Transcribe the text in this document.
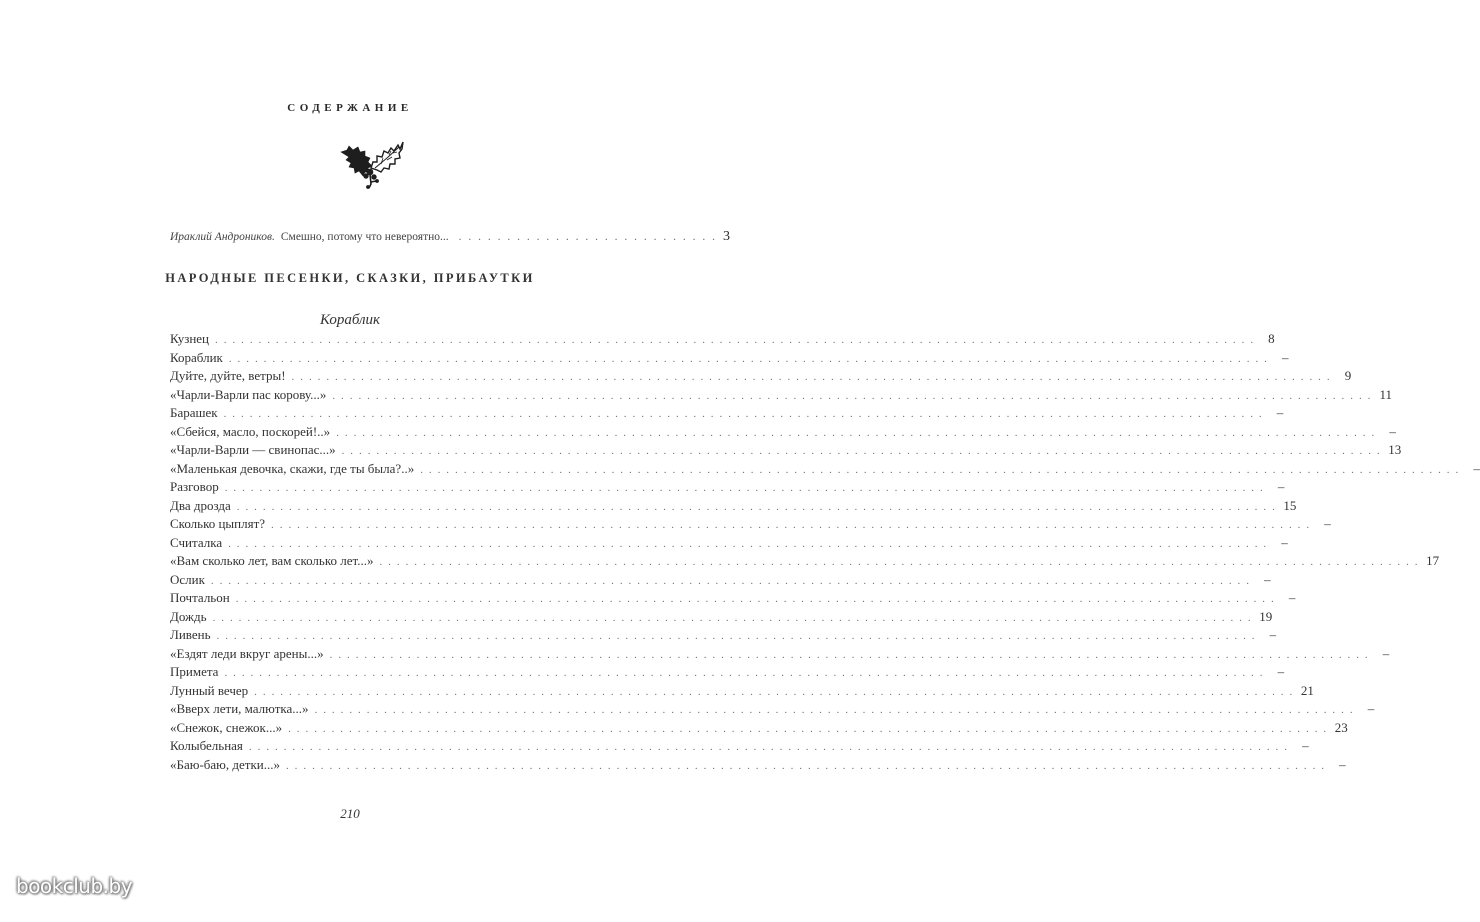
СОДЕРЖАНИЕ
Ираклий Андроников. Смешно, потому что невероятно... . . . . . . . . . . . . . . . . . . . . . . . . . . . 3
НАРОДНЫЕ ПЕСЕНКИ, СКАЗКИ, ПРИБАУТКИ
Кораблик
Кузнец . . . . . . . . . . . . . . . . . . . . . . . . . . . . . . . . . . . . . . . . . . . . . . . . . . . . . . . . . . . . . . . . . . . . . . . . . . . . . . . . . . . . . . . . . . . . . . . . . . . . . . . . . . . . . . . . . . . . . . . .	8
Кораблик . . . . . . . . . . . . . . . . . . . . . . . . . . . . . . . . . . . . . . . . . . . . . . . . . . . . . . . . . . . . . . . . . . . . . . . . . . . . . . . . . . . . . . . . . . . . . . . . . . . . . . . . . . . . . . . . . . . . . . . .	–
Дуйте, дуйте, ветры! . . . . . . . . . . . . . . . . . . . . . . . . . . . . . . . . . . . . . . . . . . . . . . . . . . . . . . . . . . . . . . . . . . . . . . . . . . . . . . . . . . . . . . . . . . . . . . . . . . . . . . . . . . . . . . . . . . . . . . . .	9
«Чарли-Варли пас корову...» . . . . . . . . . . . . . . . . . . . . . . . . . . . . . . . . . . . . . . . . . . . . . . . . . . . . . . . . . . . . . . . . . . . . . . . . . . . . . . . . . . . . . . . . . . . . . . . . . . . . . . . . . . . . . . . . . . . . . . . . 11
Барашек . . . . . . . . . . . . . . . . . . . . . . . . . . . . . . . . . . . . . . . . . . . . . . . . . . . . . . . . . . . . . . . . . . . . . . . . . . . . . . . . . . . . . . . . . . . . . . . . . . . . . . . . . . . . . . . . . . . . . . . .	–
«Сбейся, масло, поскорей!..» . . . . . . . . . . . . . . . . . . . . . . . . . . . . . . . . . . . . . . . . . . . . . . . . . . . . . . . . . . . . . . . . . . . . . . . . . . . . . . . . . . . . . . . . . . . . . . . . . . . . . . . . . . . . . . . . . . . . . . . .	–
«Чарли-Варли — свинопас...» . . . . . . . . . . . . . . . . . . . . . . . . . . . . . . . . . . . . . . . . . . . . . . . . . . . . . . . . . . . . . . . . . . . . . . . . . . . . . . . . . . . . . . . . . . . . . . . . . . . . . . . . . . . . . . . . . . . . . . . . 13
«Маленькая девочка, скажи, где ты была?..» . . . . . . . . . . . . . . . . . . . . . . . . . . . . . . . . . . . . . . . . . . . . . . . . . . . . . . . . . . . . . . . . . . . . . . . . . . . . . . . . . . . . . . . . . . . . . . . . . . . . . . . . . . . . . . . . . . . . . . . .	–
Разговор . . . . . . . . . . . . . . . . . . . . . . . . . . . . . . . . . . . . . . . . . . . . . . . . . . . . . . . . . . . . . . . . . . . . . . . . . . . . . . . . . . . . . . . . . . . . . . . . . . . . . . . . . . . . . . . . . . . . . . . .	–
Два дрозда . . . . . . . . . . . . . . . . . . . . . . . . . . . . . . . . . . . . . . . . . . . . . . . . . . . . . . . . . . . . . . . . . . . . . . . . . . . . . . . . . . . . . . . . . . . . . . . . . . . . . . . . . . . . . . . . . . . . . . . . 15
Сколько цыплят? . . . . . . . . . . . . . . . . . . . . . . . . . . . . . . . . . . . . . . . . . . . . . . . . . . . . . . . . . . . . . . . . . . . . . . . . . . . . . . . . . . . . . . . . . . . . . . . . . . . . . . . . . . . . . . . . . . . . . . . .	–
Считалка . . . . . . . . . . . . . . . . . . . . . . . . . . . . . . . . . . . . . . . . . . . . . . . . . . . . . . . . . . . . . . . . . . . . . . . . . . . . . . . . . . . . . . . . . . . . . . . . . . . . . . . . . . . . . . . . . . . . . . . .	–
«Вам сколько лет, вам сколько лет...» . . . . . . . . . . . . . . . . . . . . . . . . . . . . . . . . . . . . . . . . . . . . . . . . . . . . . . . . . . . . . . . . . . . . . . . . . . . . . . . . . . . . . . . . . . . . . . . . . . . . . . . . . . . . . . . . . . . . . . . . 17
Ослик . . . . . . . . . . . . . . . . . . . . . . . . . . . . . . . . . . . . . . . . . . . . . . . . . . . . . . . . . . . . . . . . . . . . . . . . . . . . . . . . . . . . . . . . . . . . . . . . . . . . . . . . . . . . . . . . . . . . . . . .	–
Почтальон . . . . . . . . . . . . . . . . . . . . . . . . . . . . . . . . . . . . . . . . . . . . . . . . . . . . . . . . . . . . . . . . . . . . . . . . . . . . . . . . . . . . . . . . . . . . . . . . . . . . . . . . . . . . . . . . . . . . . . . .	–
Дождь . . . . . . . . . . . . . . . . . . . . . . . . . . . . . . . . . . . . . . . . . . . . . . . . . . . . . . . . . . . . . . . . . . . . . . . . . . . . . . . . . . . . . . . . . . . . . . . . . . . . . . . . . . . . . . . . . . . . . . . . 19
Ливень . . . . . . . . . . . . . . . . . . . . . . . . . . . . . . . . . . . . . . . . . . . . . . . . . . . . . . . . . . . . . . . . . . . . . . . . . . . . . . . . . . . . . . . . . . . . . . . . . . . . . . . . . . . . . . . . . . . . . . . .	–
«Ездят леди вкруг арены...» . . . . . . . . . . . . . . . . . . . . . . . . . . . . . . . . . . . . . . . . . . . . . . . . . . . . . . . . . . . . . . . . . . . . . . . . . . . . . . . . . . . . . . . . . . . . . . . . . . . . . . . . . . . . . . . . . . . . . . . .	–
Примета . . . . . . . . . . . . . . . . . . . . . . . . . . . . . . . . . . . . . . . . . . . . . . . . . . . . . . . . . . . . . . . . . . . . . . . . . . . . . . . . . . . . . . . . . . . . . . . . . . . . . . . . . . . . . . . . . . . . . . . .	–
Лунный вечер . . . . . . . . . . . . . . . . . . . . . . . . . . . . . . . . . . . . . . . . . . . . . . . . . . . . . . . . . . . . . . . . . . . . . . . . . . . . . . . . . . . . . . . . . . . . . . . . . . . . . . . . . . . . . . . . . . . . . . . . 21
«Вверх лети, малютка...» . . . . . . . . . . . . . . . . . . . . . . . . . . . . . . . . . . . . . . . . . . . . . . . . . . . . . . . . . . . . . . . . . . . . . . . . . . . . . . . . . . . . . . . . . . . . . . . . . . . . . . . . . . . . . . . . . . . . . . . .	–
«Снежок, снежок...» . . . . . . . . . . . . . . . . . . . . . . . . . . . . . . . . . . . . . . . . . . . . . . . . . . . . . . . . . . . . . . . . . . . . . . . . . . . . . . . . . . . . . . . . . . . . . . . . . . . . . . . . . . . . . . . . . . . . . . . . 23
Колыбельная . . . . . . . . . . . . . . . . . . . . . . . . . . . . . . . . . . . . . . . . . . . . . . . . . . . . . . . . . . . . . . . . . . . . . . . . . . . . . . . . . . . . . . . . . . . . . . . . . . . . . . . . . . . . . . . . . . . . . . . .	–
«Баю-баю, детки...» . . . . . . . . . . . . . . . . . . . . . . . . . . . . . . . . . . . . . . . . . . . . . . . . . . . . . . . . . . . . . . . . . . . . . . . . . . . . . . . . . . . . . . . . . . . . . . . . . . . . . . . . . . . . . . . . . . . . . . . .	–
210
bookclub.by
